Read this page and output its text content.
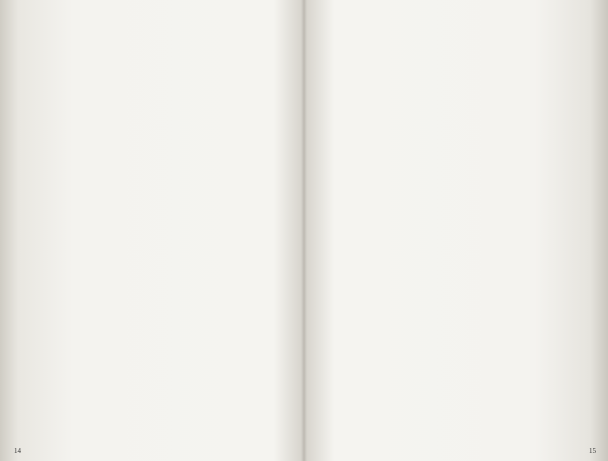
14	15
